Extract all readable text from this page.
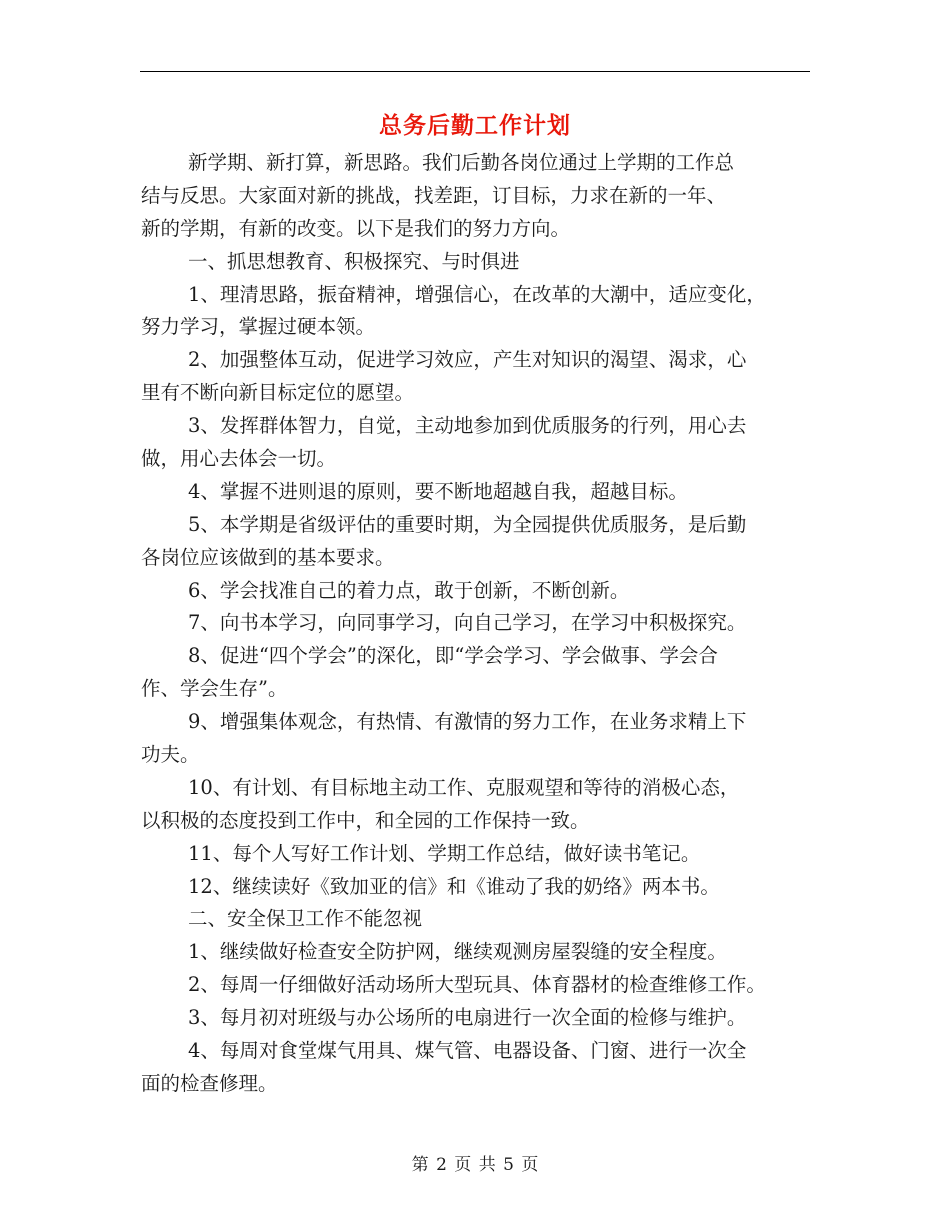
总务后勤工作计划
新学期、新打算，新思路。我们后勤各岗位通过上学期的工作总
结与反思。大家面对新的挑战，找差距，订目标，力求在新的一年、
新的学期，有新的改变。以下是我们的努力方向。
一、抓思想教育、积极探究、与时俱进
1、理清思路，振奋精神，增强信心，在改革的大潮中，适应变化，
努力学习，掌握过硬本领。
2、加强整体互动，促进学习效应，产生对知识的渴望、渴求，心
里有不断向新目标定位的愿望。
3、发挥群体智力，自觉，主动地参加到优质服务的行列，用心去
做，用心去体会一切。
4、掌握不进则退的原则，要不断地超越自我，超越目标。
5、本学期是省级评估的重要时期，为全园提供优质服务，是后勤
各岗位应该做到的基本要求。
6、学会找准自己的着力点，敢于创新，不断创新。
7、向书本学习，向同事学习，向自己学习，在学习中积极探究。
8、促进“四个学会”的深化，即“学会学习、学会做事、学会合
作、学会生存”。
9、增强集体观念，有热情、有激情的努力工作，在业务求精上下
功夫。
10、有计划、有目标地主动工作、克服观望和等待的消极心态，
以积极的态度投到工作中，和全园的工作保持一致。
11、每个人写好工作计划、学期工作总结，做好读书笔记。
12、继续读好《致加亚的信》和《谁动了我的奶络》两本书。
二、安全保卫工作不能忽视
1、继续做好检查安全防护网，继续观测房屋裂缝的安全程度。
2、每周一仔细做好活动场所大型玩具、体育器材的检查维修工作。
3、每月初对班级与办公场所的电扇进行一次全面的检修与维护。
4、每周对食堂煤气用具、煤气管、电器设备、门窗、进行一次全
面的检查修理。
第 2 页 共 5 页
